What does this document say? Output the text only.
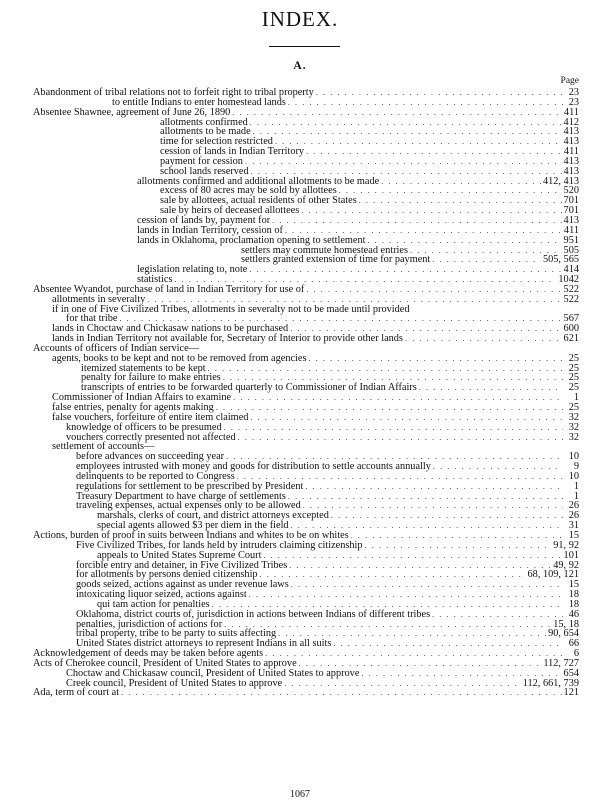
INDEX.
A.
Page
Abandonment of tribal relations not to forfeit right to tribal property . . .	23
to entitle Indians to enter homestead lands . . .	23
Absentee Shawnee, agreement of June 26, 1890 . . .	411
allotments confirmed . . .	412
allotments to be made . . .	413
time for selection restricted . . .	413
cession of lands in Indian Territory . . .	411
payment for cession . . .	413
school lands reserved . . .	413
allotments confirmed and additional allotments to be made . . .	412, 413
excess of 80 acres may be sold by allottees . . .	520
sale by allottees, actual residents of other States . . .	701
sale by heirs of deceased allottees . . .	701
cession of lands by, payment for . . .	413
lands in Indian Territory, cession of . . .	411
lands in Oklahoma, proclamation opening to settlement . . .	951
settlers may commute homestead entries . . .	505
settlers granted extension of time for payment . . .	505, 565
legislation relating to, note . . .	414
statistics . . .	1042
Absentee Wyandot, purchase of land in Indian Territory for use of . . .	522
allotments in severalty . . .	522
if in one of Five Civilized Tribes, allotments in severalty not to be made until provided
for that tribe . . .	567
lands in Choctaw and Chickasaw nations to be purchased . . .	600
lands in Indian Territory not available for, Secretary of Interior to provide other lands . . .	621
Accounts of officers of Indian service—
agents, books to be kept and not to be removed from agencies . . .	25
itemized statements to be kept . . .	25
penalty for failure to make entries . . .	25
transcripts of entries to be forwarded quarterly to Commissioner of Indian Affairs . . .	25
Commissioner of Indian Affairs to examine . . .	1
false entries, penalty for agents making . . .	25
false vouchers, forfeiture of entire item claimed . . .	32
knowledge of officers to be presumed . . .	32
vouchers correctly presented not affected . . .	32
settlement of accounts—
before advances on succeeding year . . .	10
employees intrusted with money and goods for distribution to settle accounts annually . . .	9
delinquents to be reported to Congress . . .	10
regulations for settlement to be prescribed by President . . .	1
Treasury Department to have charge of settlements . . .	1
traveling expenses, actual expenses only to be allowed . . .	26
marshals, clerks of court, and district attorneys excepted . . .	26
special agents allowed $3 per diem in the field . . .	31
Actions, burden of proof in suits between Indians and whites to be on whites . . .	15
Five Civilized Tribes, for lands held by intruders claiming citizenship . . .	91, 92
appeals to United States Supreme Court . . .	101
forcible entry and detainer, in Five Civilized Tribes . . .	49, 92
for allotments by persons denied citizenship . . .	68, 109, 121
goods seized, actions against as under revenue laws . . .	15
intoxicating liquor seized, actions against . . .	18
qui tam action for penalties . . .	18
Oklahoma, district courts of, jurisdiction in actions between Indians of different tribes . . .	46
penalties, jurisdiction of actions for . . .	15, 18
tribal property, tribe to be party to suits affecting . . .	90, 654
United States district attorneys to represent Indians in all suits . . .	66
Acknowledgement of deeds may be taken before agents . . .	6
Acts of Cherokee council, President of United States to approve . . .	112, 727
Choctaw and Chickasaw council, President of United States to approve . . .	654
Creek council, President of United States to approve . . .	112, 661, 739
Ada, term of court at . . .	121
1067
